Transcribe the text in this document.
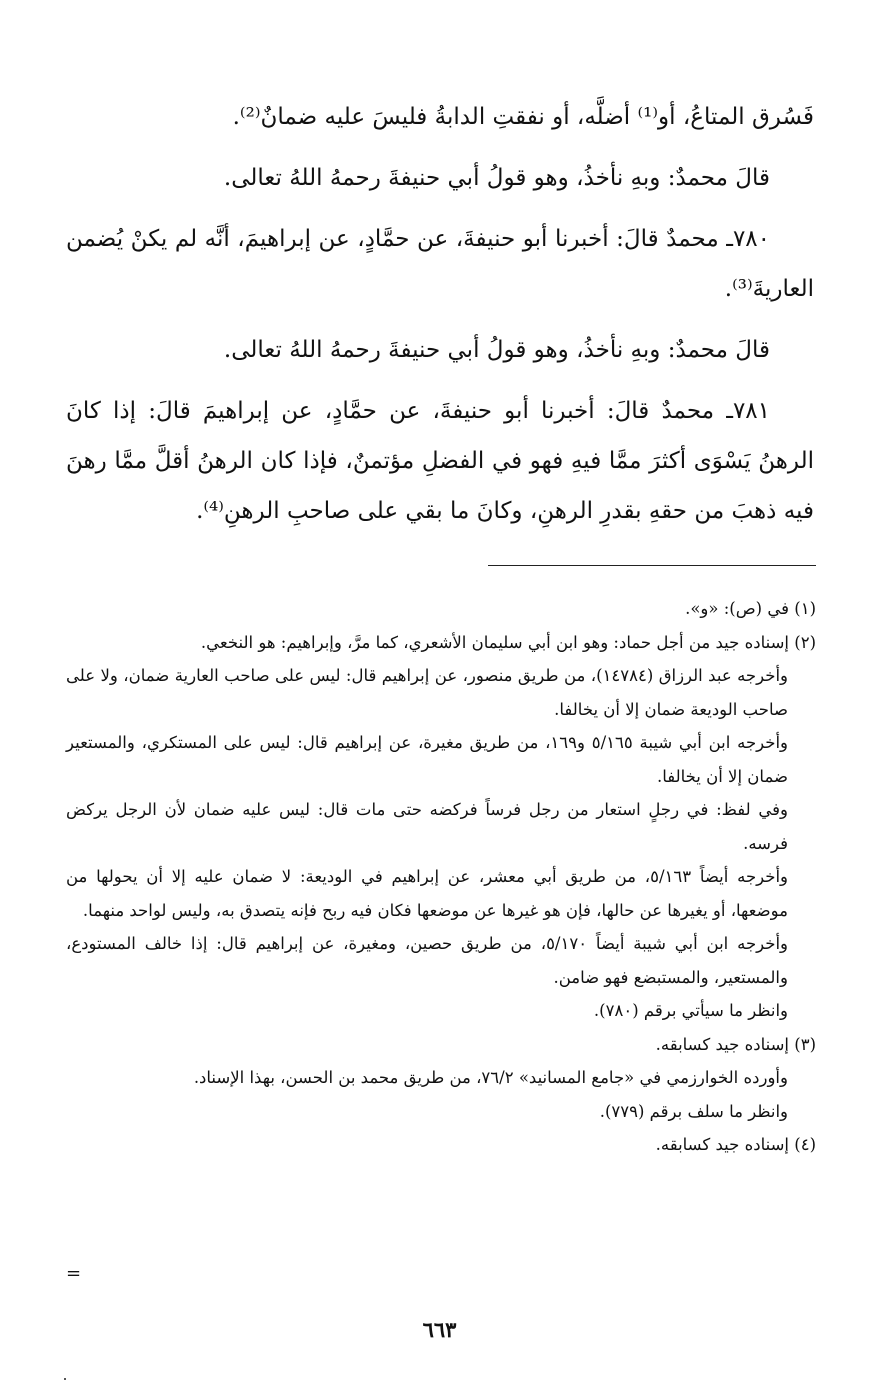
فَسُرق المتاعُ، أو⁽¹⁾ أضلَّه، أو نفقتِ الدابةُ فليسَ عليه ضمانٌ⁽²⁾.

قالَ محمدٌ: وبهِ نأخذُ، وهو قولُ أبي حنيفةَ رحمهُ اللهُ تعالى.

٧٨٠ـ محمدٌ قالَ: أخبرنا أبو حنيفةَ، عن حمَّادٍ، عن إبراهيمَ، أنَّه لم يكنْ يُضمن العاريةَ⁽³⁾.

قالَ محمدٌ: وبهِ نأخذُ، وهو قولُ أبي حنيفةَ رحمهُ اللهُ تعالى.

٧٨١ـ محمدٌ قالَ: أخبرنا أبو حنيفةَ، عن حمَّادٍ، عن إبراهيمَ قالَ: إذا كانَ الرهنُ يَسْوَى أكثرَ ممَّا فيهِ فهو في الفضلِ مؤتمنٌ، فإذا كان الرهنُ أقلَّ ممَّا رهنَ فيه ذهبَ من حقهِ بقدرِ الرهنِ، وكانَ ما بقي على صاحبِ الرهنِ⁽⁴⁾.

(١) في (ص): «و».

(٢) إسناده جيد من أجل حماد: وهو ابن أبي سليمان الأشعري، كما مرَّ، وإبراهيم: هو النخعي.

وأخرجه عبد الرزاق (١٤٧٨٤)، من طريق منصور، عن إبراهيم قال: ليس على صاحب العارية ضمان، ولا على صاحب الوديعة ضمان إلا أن يخالفا.

وأخرجه ابن أبي شيبة ٥/١٦٥ و١٦٩، من طريق مغيرة، عن إبراهيم قال: ليس على المستكري، والمستعير ضمان إلا أن يخالفا.

وفي لفظ: في رجلٍ استعار من رجل فرساً فركضه حتى مات قال: ليس عليه ضمان لأن الرجل يركض فرسه.

وأخرجه أيضاً ٥/١٦٣، من طريق أبي معشر، عن إبراهيم في الوديعة: لا ضمان عليه إلا أن يحولها من موضعها، أو يغيرها عن حالها، فإن هو غيرها عن موضعها فكان فيه ربح فإنه يتصدق به، وليس لواحد منهما.

وأخرجه ابن أبي شيبة أيضاً ٥/١٧٠، من طريق حصين، ومغيرة، عن إبراهيم قال: إذا خالف المستودع، والمستعير، والمستبضع فهو ضامن.

وانظر ما سيأتي برقم (٧٨٠).

(٣) إسناده جيد كسابقه.

وأورده الخوارزمي في «جامع المسانيد» ٧٦/٢، من طريق محمد بن الحسن، بهذا الإسناد.

وانظر ما سلف برقم (٧٧٩).

(٤) إسناده جيد كسابقه.

=
٦٦٣
